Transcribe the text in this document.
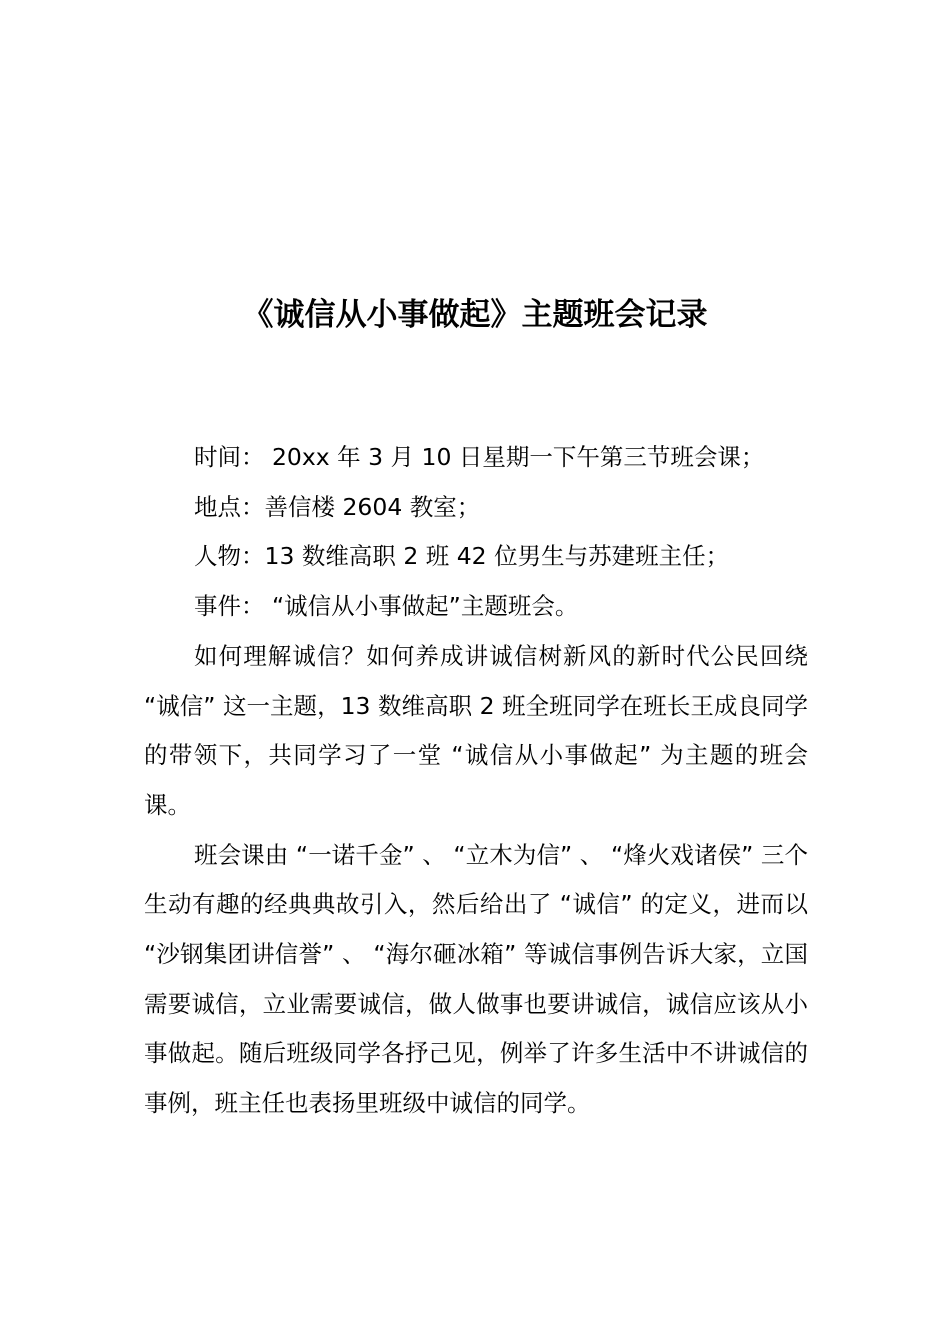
《诚信从小事做起》主题班会记录

时间： 20xx 年 3 月 10 日星期一下午第三节班会课；

地点：善信楼 2604 教室；

人物：13 数维高职 2 班 42 位男生与苏建班主任；

事件： “诚信从小事做起”主题班会。

如何理解诚信？如何养成讲诚信树新风的新时代公民回绕 “诚信” 这一主题，13 数维高职 2 班全班同学在班长王成良同学的带领下，共同学习了一堂 “诚信从小事做起” 为主题的班会课。

班会课由 “一诺千金” 、 “立木为信” 、 “烽火戏诸侯” 三个生动有趣的经典典故引入，然后给出了 “诚信” 的定义，进而以 “沙钢集团讲信誉” 、 “海尔砸冰箱” 等诚信事例告诉大家，立国需要诚信，立业需要诚信，做人做事也要讲诚信，诚信应该从小事做起。随后班级同学各抒己见，例举了许多生活中不讲诚信的事例，班主任也表扬里班级中诚信的同学。
